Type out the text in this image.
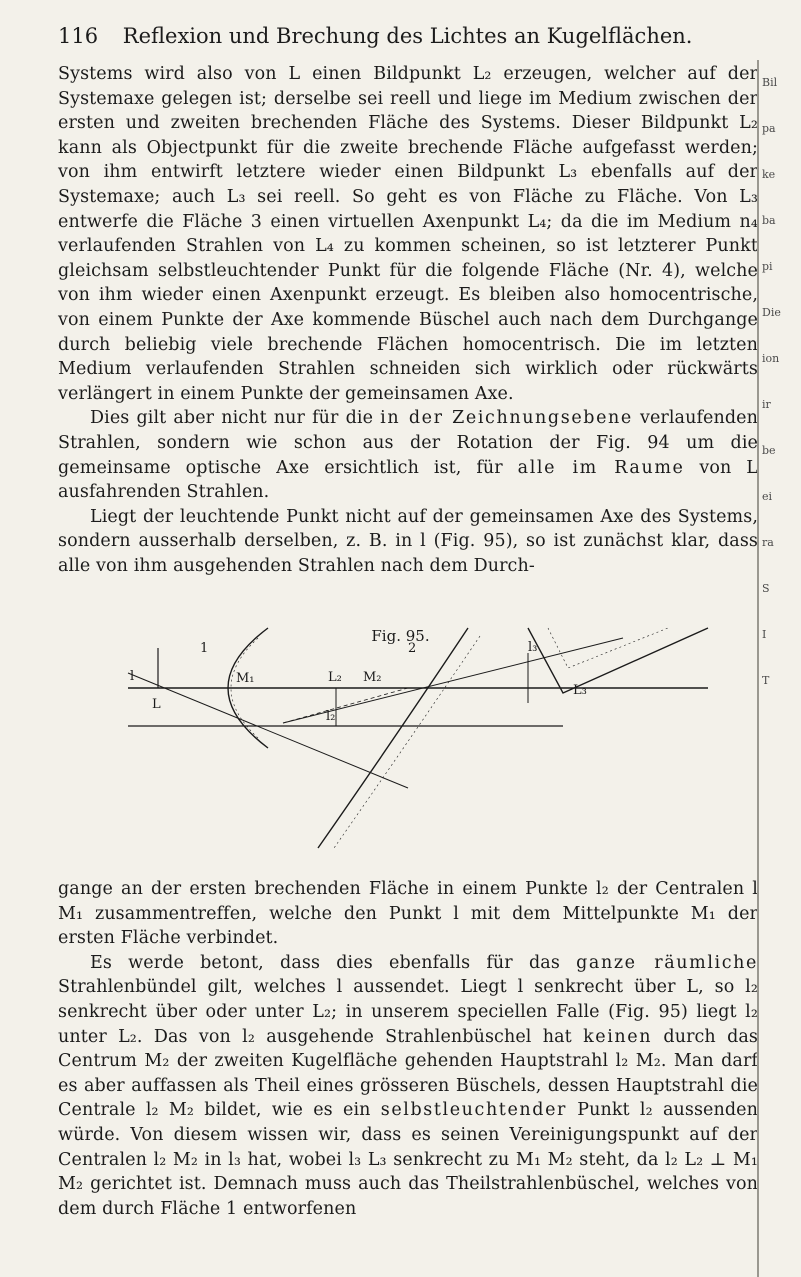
116 Reflexion und Brechung des Lichtes an Kugelflächen.

Systems wird also von L einen Bildpunkt L₂ erzeugen, welcher auf der Systemaxe gelegen ist; derselbe sei reell und liege im Medium zwischen der ersten und zweiten brechenden Fläche des Systems. Dieser Bildpunkt L₂ kann als Objectpunkt für die zweite brechende Fläche aufgefasst werden; von ihm entwirft letztere wieder einen Bildpunkt L₃ ebenfalls auf der Systemaxe; auch L₃ sei reell. So geht es von Fläche zu Fläche. Von L₃ entwerfe die Fläche 3 einen virtuellen Axenpunkt L₄; da die im Medium n₄ verlaufenden Strahlen von L₄ zu kommen scheinen, so ist letzterer Punkt gleichsam selbstleuchtender Punkt für die folgende Fläche (Nr. 4), welche von ihm wieder einen Axenpunkt erzeugt. Es bleiben also homocentrische, von einem Punkte der Axe kommende Büschel auch nach dem Durchgange durch beliebig viele brechende Flächen homocentrisch. Die im letzten Medium verlaufenden Strahlen schneiden sich wirklich oder rückwärts verlängert in einem Punkte der gemeinsamen Axe.

Dies gilt aber nicht nur für die in der Zeichnungsebene verlaufenden Strahlen, sondern wie schon aus der Rotation der Fig. 94 um die gemeinsame optische Axe ersichtlich ist, für alle im Raume von L ausfahrenden Strahlen.

Liegt der leuchtende Punkt nicht auf der gemeinsamen Axe des Systems, sondern ausserhalb derselben, z. B. in l (Fig. 95), so ist zunächst klar, dass alle von ihm ausgehenden Strahlen nach dem Durch-

Fig. 95.
l
1	2
M₁	L₂ M₂
l₃
L
l₂
L₃

gange an der ersten brechenden Fläche in einem Punkte l₂ der Centralen l M₁ zusammentreffen, welche den Punkt l mit dem Mittelpunkte M₁ der ersten Fläche verbindet.

Es werde betont, dass dies ebenfalls für das ganze räumliche Strahlenbündel gilt, welches l aussendet. Liegt l senkrecht über L, so l₂ senkrecht über oder unter L₂; in unserem speciellen Falle (Fig. 95) liegt l₂ unter L₂. Das von l₂ ausgehende Strahlenbüschel hat keinen durch das Centrum M₂ der zweiten Kugelfläche gehenden Hauptstrahl l₂ M₂. Man darf es aber auffassen als Theil eines grösseren Büschels, dessen Hauptstrahl die Centrale l₂ M₂ bildet, wie es ein selbstleuchtender Punkt l₂ aussenden würde. Von diesem wissen wir, dass es seinen Vereinigungspunkt auf der Centralen l₂ M₂ in l₃ hat, wobei l₃ L₃ senkrecht zu M₁ M₂ steht, da l₂ L₂ ⊥ M₁ M₂ gerichtet ist. Demnach muss auch das Theilstrahlenbüschel, welches von dem durch Fläche 1 entworfenen

Bil
pa
ke
ba
pi
Die
ion
ir
be
ei
ra
S
I
T
